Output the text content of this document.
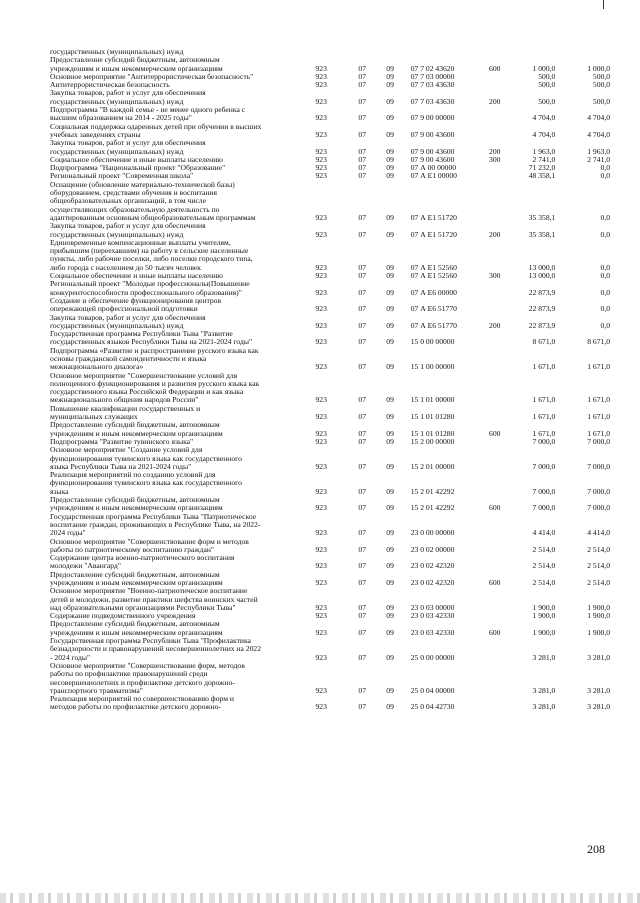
государственных (муниципальных) нужд
Предоставление субсидий бюджетным, автономным
учреждениям и иным некоммерческим организациям	923	07	09	07 7 02 43620	600	1 000,0	1 000,0
Основное мероприятие "Антитеррористическая безопасность"	923	07	09	07 7 03 00000	500,0	500,0
Антитеррористическая безопасность	923	07	09	07 7 03 43630	500,0	500,0
Закупка товаров, работ и услуг для обеспечения
государственных (муниципальных) нужд	923	07	09	07 7 03 43630	200	500,0	500,0
Подпрограмма "В каждой семье - не менее одного ребенка с
высшим образованием на 2014 - 2025 годы"	923	07	09	07 9 00 00000	4 704,0	4 704,0
Социальная поддержка одаренных детей при обучении в высших
учебных заведениях страны	923	07	09	07 9 00 43600	4 704,0	4 704,0
Закупка товаров, работ и услуг для обеспечения
государственных (муниципальных) нужд	923	07	09	07 9 00 43600	200	1 963,0	1 963,0
Социальное обеспечение и иные выплаты населению	923	07	09	07 9 00 43600	300	2 741,0	2 741,0
Подпрограмма "Национальный проект "Образование"	923	07	09	07 А 00 00000	71 232,0	0,0
Региональный проект "Современная школа"	923	07	09	07 А Е1 00000	48 358,1	0,0
Оснащение (обновление материально-технической базы)
оборудованием, средствами обучения и воспитания
общеобразовательных организаций, в том числе
осуществляющих образовательную деятельность по
адаптированным основным общеобразовательным программам	923	07	09	07 А Е1 51720	35 358,1	0,0
Закупка товаров, работ и услуг для обеспечения
государственных (муниципальных) нужд	923	07	09	07 А Е1 51720	200	35 358,1	0,0
Единовременные компенсационные выплаты учителям,
прибывшим (переехавшим) на работу в сельские населенные
пункты, либо рабочие поселки, либо поселки городского типа,
либо города с населением до 50 тысяч человек	923	07	09	07 А Е1 52560	13 000,0	0,0
Социальное обеспечение и иные выплаты населению	923	07	09	07 А Е1 52560	300	13 000,0	0,0
Региональный проект "Молодые профессионалы(Повышение
конкурентоспособности профессионального образования)"	923	07	09	07 А Е6 00000	22 873,9	0,0
Создание и обеспечение функционирования центров
опережающей профессиональной подготовки	923	07	09	07 А Е6 51770	22 873,9	0,0
Закупка товаров, работ и услуг для обеспечения
государственных (муниципальных) нужд	923	07	09	07 А Е6 51770	200	22 873,9	0,0
Государственная программа Республики Тыва "Развитие
государственных языков Республики Тыва на 2021-2024 годы"	923	07	09	15 0 00 00000	8 671,0	8 671,0
Подпрограмма «Развитие и распространение русского языка как
основы гражданской самоидентичности и языка
межнационального диалога»	923	07	09	15 1 00 00000	1 671,0	1 671,0
Основное мероприятие "Совершенствование условий для
полноценного функционирования и развития русского языка как
государственного языка Российской Федерации и как языка
межнационального общения народов России"	923	07	09	15 1 01 00000	1 671,0	1 671,0
Повышение квалификации государственных и
муниципальных служащих	923	07	09	15 1 01 01280	1 671,0	1 671,0
Предоставление субсидий бюджетным, автономным
учреждениям и иным некоммерческим организациям	923	07	09	15 1 01 01280	600	1 671,0	1 671,0
Подпрограмма "Развитие тувинского языка"	923	07	09	15 2 00 00000	7 000,0	7 000,0
Основное мероприятие "Создание условий для
функционирования тувинского языка как государственного
языка Республики Тыва на 2021-2024 годы"	923	07	09	15 2 01 00000	7 000,0	7 000,0
Реализация мероприятий по созданию условий для
функционирования тувинского языка как государственного
языка	923	07	09	15 2 01 42292	7 000,0	7 000,0
Предоставление субсидий бюджетным, автономным
учреждениям и иным некоммерческим организациям	923	07	09	15 2 01 42292	600	7 000,0	7 000,0
Государственная программа Республики Тыва "Патриотическое
воспитание граждан, проживающих в Республике Тыва, на 2022-
2024 годы"	923	07	09	23 0 00 00000	4 414,0	4 414,0
Основное мероприятие "Совершенствование форм и методов
работы по патриотическому воспитанию граждан"	923	07	09	23 0 02 00000	2 514,0	2 514,0
Содержание центра военно-патриотического воспитания
молодежи "Авангард"	923	07	09	23 0 02 42320	2 514,0	2 514,0
Предоставление субсидий бюджетным, автономным
учреждениям и иным некоммерческим организациям	923	07	09	23 0 02 42320	600	2 514,0	2 514,0
Основное мероприятие "Военно-патриотическое воспитание
детей и молодежи, развитие практики шефства воинских частей
над образовательными организациями Республики Тыва"	923	07	09	23 0 03 00000	1 900,0	1 900,0
Содержание подведомственного учреждения	923	07	09	23 0 03 42330	1 900,0	1 900,0
Предоставление субсидий бюджетным, автономным
учреждениям и иным некоммерческим организациям	923	07	09	23 0 03 42330	600	1 900,0	1 900,0
Государственная программа Республики Тыва "Профилактика
безнадзорности и правонарушений несовершеннолетних на 2022
- 2024 годы"	923	07	09	25 0 00 00000	3 281,0	3 281,0
Основное мероприятие "Совершенствование форм, методов
работы по профилактике правонарушений среди
несовершеннолетних и профилактике детского дорожно-
транспортного травматизма"	923	07	09	25 0 04 00000	3 281,0	3 281,0
Реализация мероприятий по совершенствованию форм и
методов работы по профилактике детского дорожно-	923	07	09	25 0 04 42730	3 281,0	3 281,0
208
